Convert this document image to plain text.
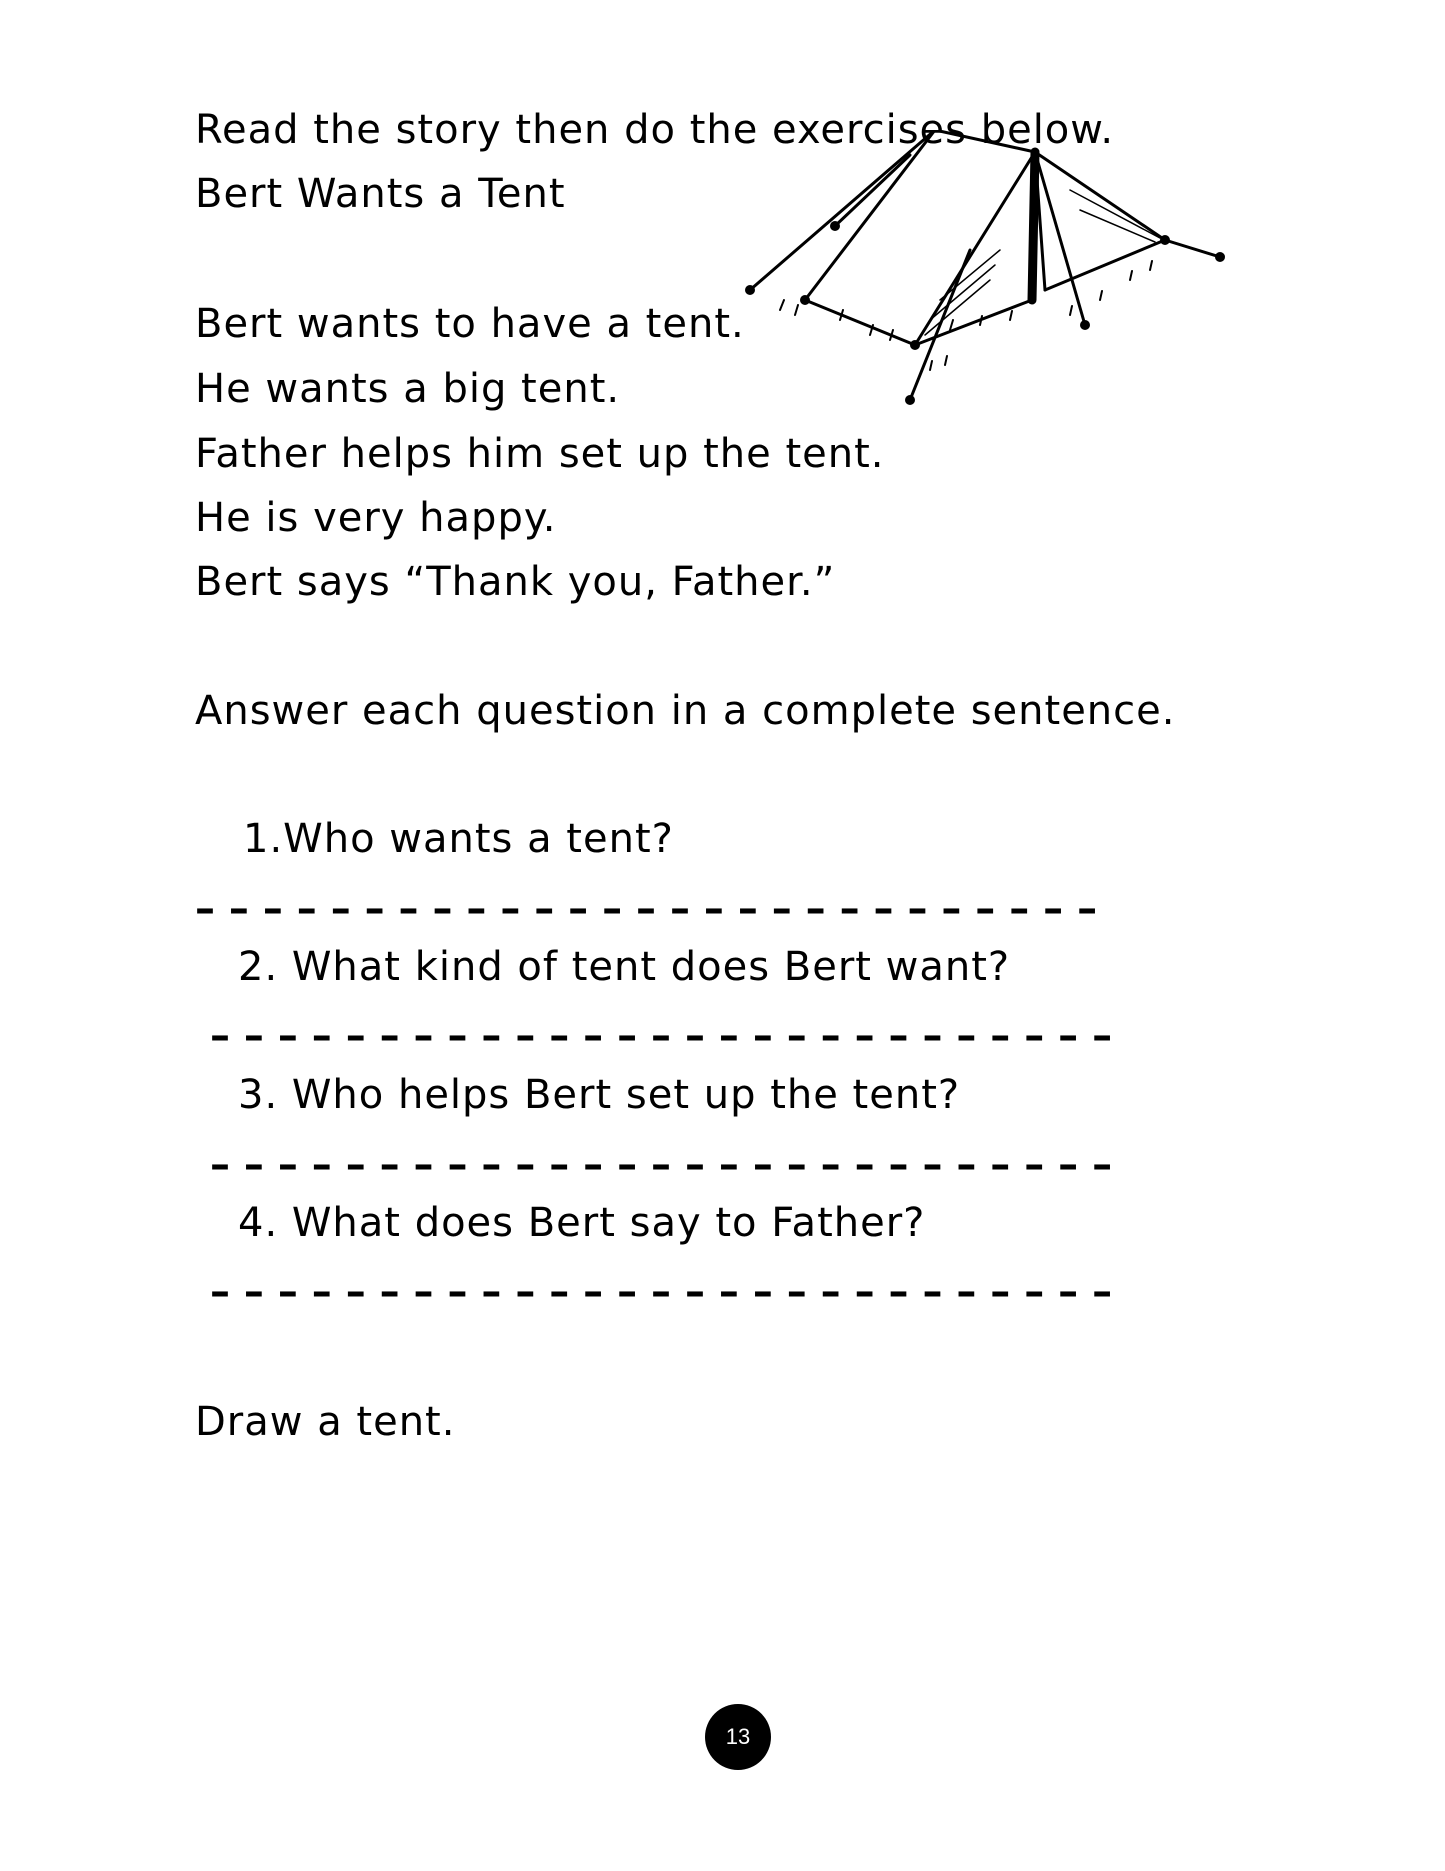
Read the story then do the exercises below.
Bert Wants a Tent
Bert wants to have a tent.
He wants a big tent.
Father helps him set up the tent.
He is very happy.
Bert says “Thank you, Father.”
Answer each question in a complete sentence.
1.Who wants a tent?
– – – – – – – – – – – – – – – – – – – – – – – – – – –
2. What kind of tent does Bert want?
– – – – – – – – – – – – – – – – – – – – – – – – – – –
3. Who helps Bert set up the tent?
– – – – – – – – – – – – – – – – – – – – – – – – – – –
4. What does Bert say to Father?
– – – – – – – – – – – – – – – – – – – – – – – – – – –
Draw a tent.
13
